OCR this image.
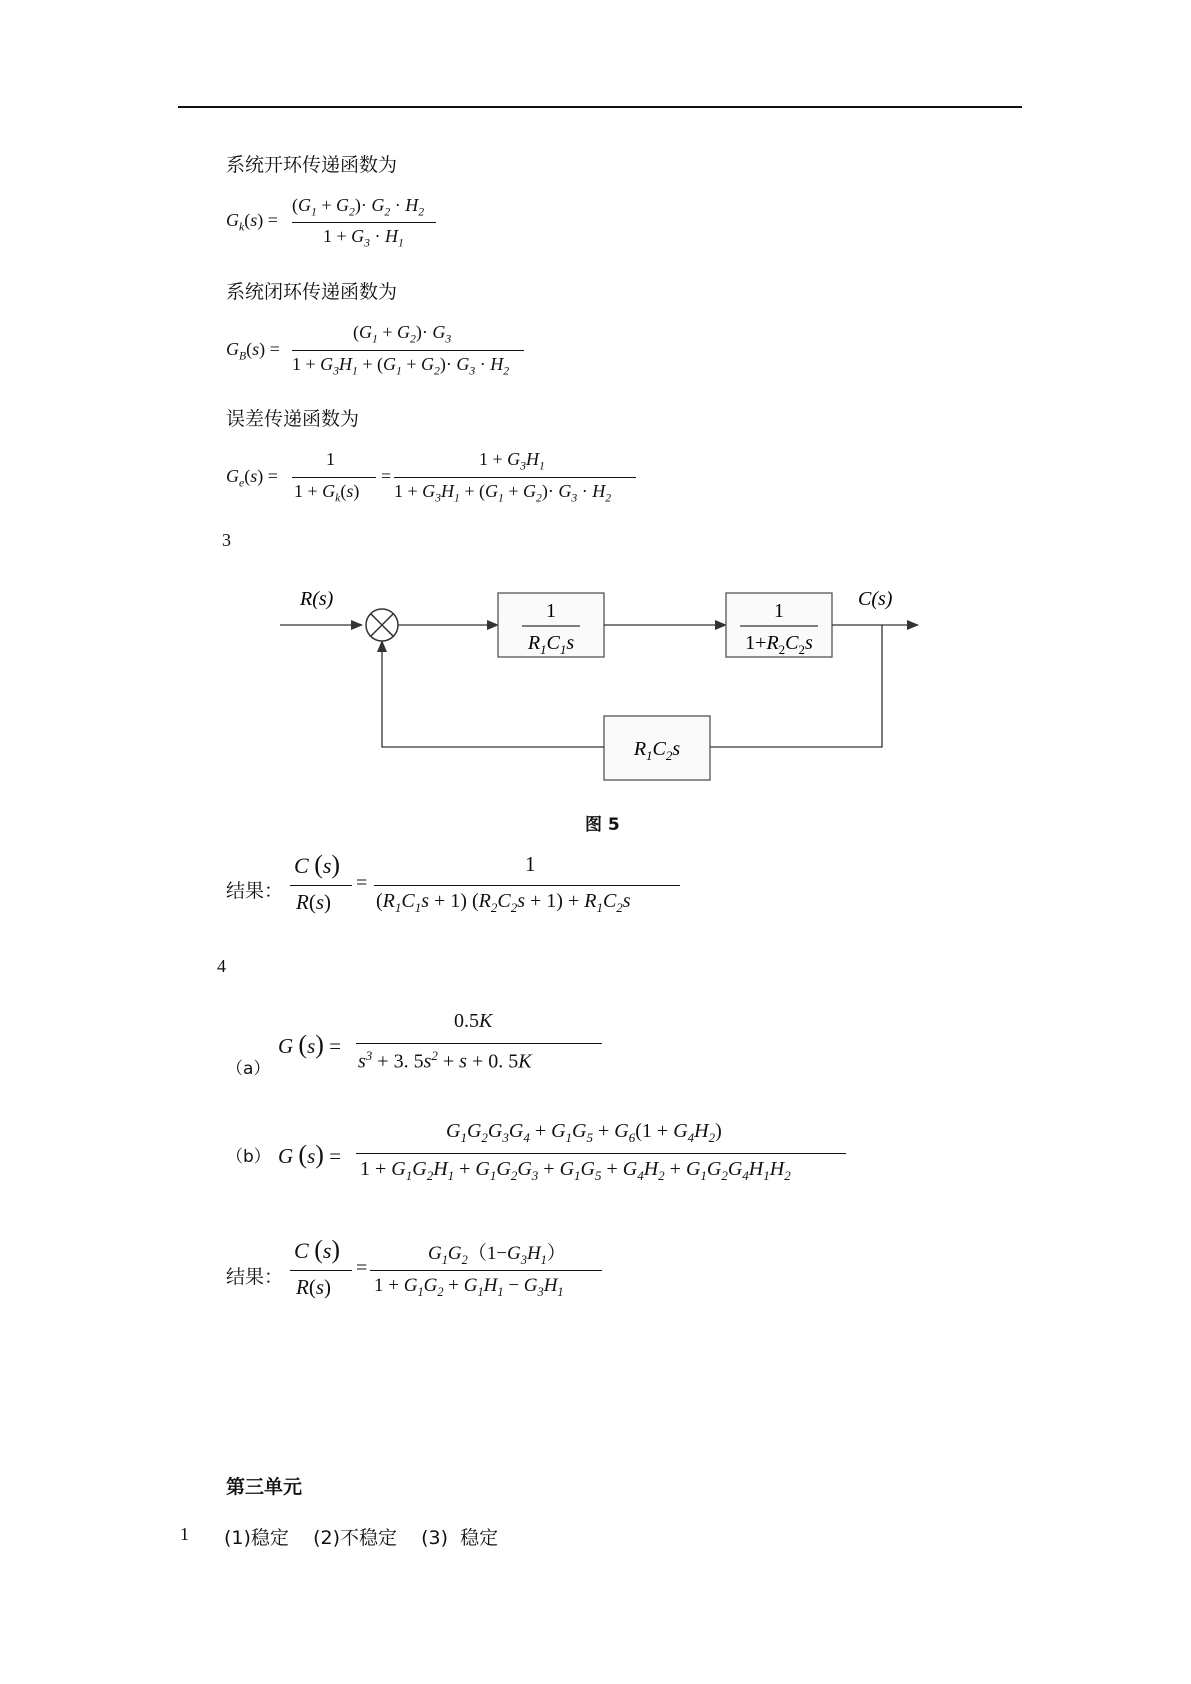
系统开环传递函数为
$G_k(s)$ =
$(G_1 + G_2)\cdot G_2 \cdot H_2$
$1 + G_3 \cdot H_1$
系统闭环传递函数为
$G_B(s)$ =
$(G_1 + G_2)\cdot G_3$
$1 + G_3H_1 + (G_1 + G_2)\cdot G_3 \cdot H_2$
误差传递函数为
$G_e(s)$ =
1
$1 + G_k(s)$
=
$1 + G_3H_1$
$1 + G_3H_1 + (G_1 + G_2)\cdot G_3 \cdot H_2$
3
R(s)
1
$R_1C_1s$
1
$1+R_2C_2s$
C(s)
$R_1C_2s$
图 5
结果：
C (s)
R(s)
=
1
$(R_1C_1s + 1) (R_2C_2s + 1) + R_1C_2s$
4
（a）
G (s) =
0.5K
$s^3 + 3$. $5s^2 + s + 0$. 5K
（b） G (s) =
$G_1G_2G_3G_4 + G_1G_5 + G_6(1 + G_4H_2)$
$1 + G_1G_2H_1 + G_1G_2G_3 + G_1G_5 + G_4H_2 + G_1G_2G_4H_1H_2$
结果：
C (s)
R(s)
=
$G_1G_2(1-G_3H_1)$
$1 + G_1G_2 + G_1H_1 - G_3H_1$
第三单元
1 (1)稳定    (2)不稳定    (3)  稳定
